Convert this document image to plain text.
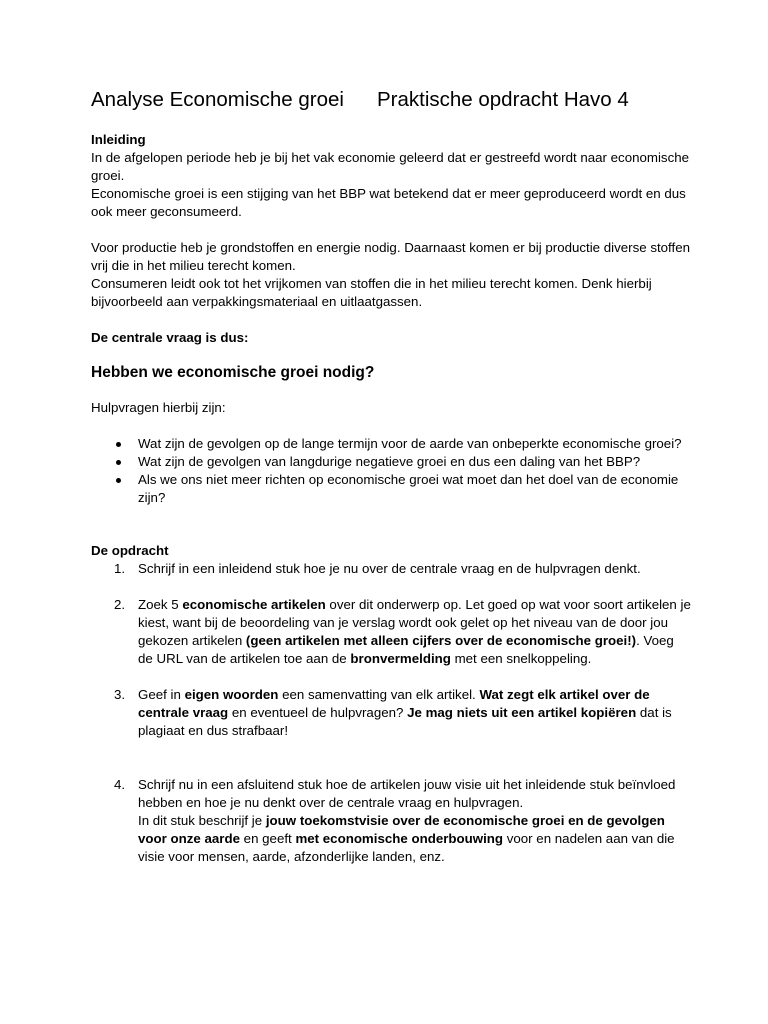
Analyse Economische groei Praktische opdracht Havo 4

Inleiding

In de afgelopen periode heb je bij het vak economie geleerd dat er gestreefd wordt naar economische groei.

Economische groei is een stijging van het BBP wat betekend dat er meer geproduceerd wordt en dus ook meer geconsumeerd.

Voor productie heb je grondstoffen en energie nodig. Daarnaast komen er bij productie diverse stoffen vrij die in het milieu terecht komen.

Consumeren leidt ook tot het vrijkomen van stoffen die in het milieu terecht komen. Denk hierbij bijvoorbeeld aan verpakkingsmateriaal en uitlaatgassen.

De centrale vraag is dus:

Hebben we economische groei nodig?

Hulpvragen hierbij zijn:

Wat zijn de gevolgen op de lange termijn voor de aarde van onbeperkte economische groei?
Wat zijn de gevolgen van langdurige negatieve groei en dus een daling van het BBP?
Als we ons niet meer richten op economische groei wat moet dan het doel van de economie zijn?

De opdracht

1. Schrijf in een inleidend stuk hoe je nu over de centrale vraag en de hulpvragen denkt.
2. Zoek 5 economische artikelen over dit onderwerp op. Let goed op wat voor soort artikelen je kiest, want bij de beoordeling van je verslag wordt ook gelet op het niveau van de door jou gekozen artikelen (geen artikelen met alleen cijfers over de economische groei!). Voeg de URL van de artikelen toe aan de bronvermelding met een snelkoppeling.
3. Geef in eigen woorden een samenvatting van elk artikel. Wat zegt elk artikel over de centrale vraag en eventueel de hulpvragen? Je mag niets uit een artikel kopiëren dat is plagiaat en dus strafbaar!
4. Schrijf nu in een afsluitend stuk hoe de artikelen jouw visie uit het inleidende stuk beïnvloed hebben en hoe je nu denkt over de centrale vraag en hulpvragen.

In dit stuk beschrijf je jouw toekomstvisie over de economische groei en de gevolgen voor onze aarde en geeft met economische onderbouwing voor en nadelen aan van die visie voor mensen, aarde, afzonderlijke landen, enz.
